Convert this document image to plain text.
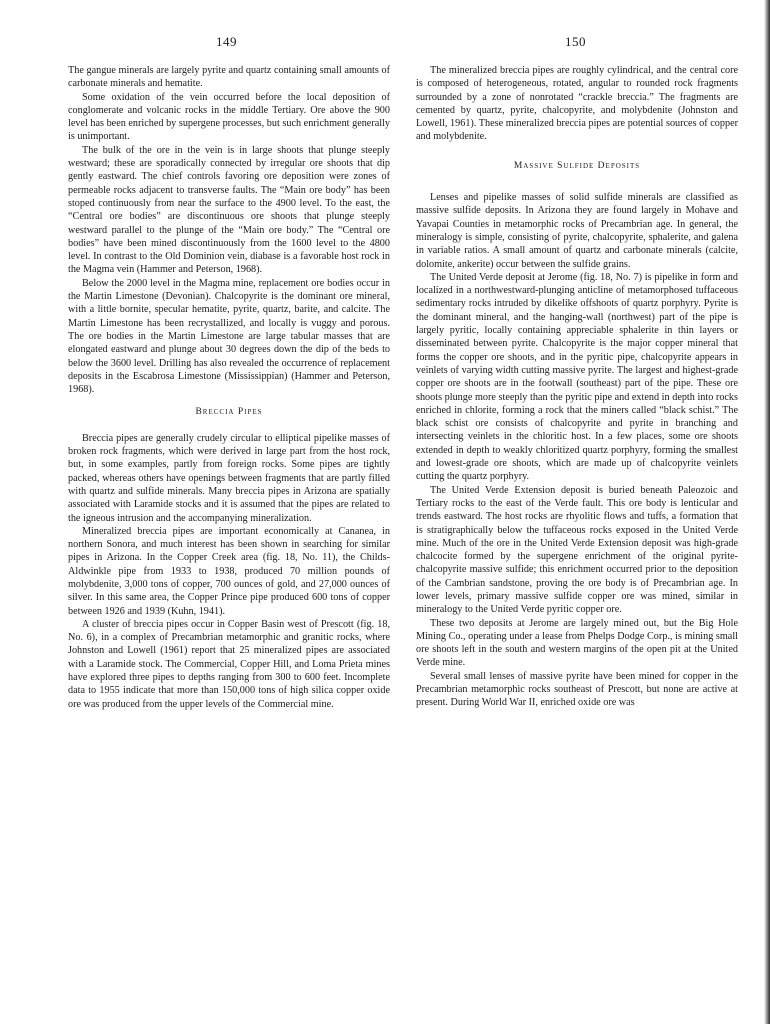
149	150

The gangue minerals are largely pyrite and quartz containing small amounts of carbonate minerals and hematite.

Some oxidation of the vein occurred before the local deposition of conglomerate and volcanic rocks in the middle Tertiary. Ore above the 900 level has been enriched by supergene processes, but such enrichment generally is unimportant.

The bulk of the ore in the vein is in large shoots that plunge steeply westward; these are sporadically connected by irregular ore shoots that dip gently eastward. The chief controls favoring ore deposition were zones of permeable rocks adjacent to transverse faults. The “Main ore body” has been stoped continuously from near the surface to the 4900 level. To the east, the “Central ore bodies” are discontinuous ore shoots that plunge steeply westward parallel to the plunge of the “Main ore body.” The “Central ore bodies” have been mined discontinuously from the 1600 level to the 4800 level. In contrast to the Old Dominion vein, diabase is a favorable host rock in the Magma vein (Hammer and Peterson, 1968).

Below the 2000 level in the Magma mine, replacement ore bodies occur in the Martin Limestone (Devonian). Chalcopyrite is the dominant ore mineral, with a little bornite, specular hematite, pyrite, quartz, barite, and calcite. The Martin Limestone has been recrystallized, and locally is vuggy and porous. The ore bodies in the Martin Limestone are large tabular masses that are elongated eastward and plunge about 30 degrees down the dip of the beds to below the 3600 level. Drilling has also revealed the occurrence of replacement deposits in the Escabrosa Limestone (Mississippian) (Hammer and Peterson, 1968).

Breccia Pipes

Breccia pipes are generally crudely circular to elliptical pipelike masses of broken rock fragments, which were derived in large part from the host rock, but, in some examples, partly from foreign rocks. Some pipes are tightly packed, whereas others have openings between fragments that are partly filled with quartz and sulfide minerals. Many breccia pipes in Arizona are spatially associated with Laramide stocks and it is assumed that the pipes are related to the igneous intrusion and the accompanying mineralization.

Mineralized breccia pipes are important economically at Cananea, in northern Sonora, and much interest has been shown in searching for similar pipes in Arizona. In the Copper Creek area (fig. 18, No. 11), the Childs-Aldwinkle pipe from 1933 to 1938, produced 70 million pounds of molybdenite, 3,000 tons of copper, 700 ounces of gold, and 27,000 ounces of silver. In this same area, the Copper Prince pipe produced 600 tons of copper between 1926 and 1939 (Kuhn, 1941).

A cluster of breccia pipes occur in Copper Basin west of Prescott (fig. 18, No. 6), in a complex of Precambrian metamorphic and granitic rocks, where Johnston and Lowell (1961) report that 25 mineralized pipes are associated with a Laramide stock. The Commercial, Copper Hill, and Loma Prieta mines have explored three pipes to depths ranging from 300 to 600 feet. Incomplete data to 1955 indicate that more than 150,000 tons of high silica copper oxide ore was produced from the upper levels of the Commercial mine.

The mineralized breccia pipes are roughly cylindrical, and the central core is composed of heterogeneous, rotated, angular to rounded rock fragments surrounded by a zone of nonrotated “crackle breccia.” The fragments are cemented by quartz, pyrite, chalcopyrite, and molybdenite (Johnston and Lowell, 1961). These mineralized breccia pipes are potential sources of copper and molybdenite.

Massive Sulfide Deposits

Lenses and pipelike masses of solid sulfide minerals are classified as massive sulfide deposits. In Arizona they are found largely in Mohave and Yavapai Counties in metamorphic rocks of Precambrian age. In general, the mineralogy is simple, consisting of pyrite, chalcopyrite, sphalerite, and galena in variable ratios. A small amount of quartz and carbonate minerals (calcite, dolomite, ankerite) occur between the sulfide grains.

The United Verde deposit at Jerome (fig. 18, No. 7) is pipelike in form and localized in a northwestward-plunging anticline of metamorphosed tuffaceous sedimentary rocks intruded by dikelike offshoots of quartz porphyry. Pyrite is the dominant mineral, and the hanging-wall (northwest) part of the pipe is largely pyritic, locally containing appreciable sphalerite in thin layers or disseminated between pyrite. Chalcopyrite is the major copper mineral that forms the copper ore shoots, and in the pyritic pipe, chalcopyrite appears in veinlets of varying width cutting massive pyrite. The largest and highest-grade copper ore shoots are in the footwall (southeast) part of the pipe. These ore shoots plunge more steeply than the pyritic pipe and extend in depth into rocks enriched in chlorite, forming a rock that the miners called “black schist.” The black schist ore consists of chalcopyrite and pyrite in branching and intersecting veinlets in the chloritic host. In a few places, some ore shoots extended in depth to weakly chloritized quartz porphyry, forming the smallest and lowest-grade ore shoots, which are made up of chalcopyrite veinlets cutting the quartz porphyry.

The United Verde Extension deposit is buried beneath Paleozoic and Tertiary rocks to the east of the Verde fault. This ore body is lenticular and trends eastward. The host rocks are rhyolitic flows and tuffs, a formation that is stratigraphically below the tuffaceous rocks exposed in the United Verde mine. Much of the ore in the United Verde Extension deposit was high-grade chalcocite formed by the supergene enrichment of the original pyrite-chalcopyrite massive sulfide; this enrichment occurred prior to the deposition of the Cambrian sandstone, proving the ore body is of Precambrian age. In lower levels, primary massive sulfide copper ore was mined, similar in mineralogy to the United Verde pyritic copper ore.

These two deposits at Jerome are largely mined out, but the Big Hole Mining Co., operating under a lease from Phelps Dodge Corp., is mining small ore shoots left in the south and western margins of the open pit at the United Verde mine.

Several small lenses of massive pyrite have been mined for copper in the Precambrian metamorphic rocks southeast of Prescott, but none are active at present. During World War II, enriched oxide ore was
